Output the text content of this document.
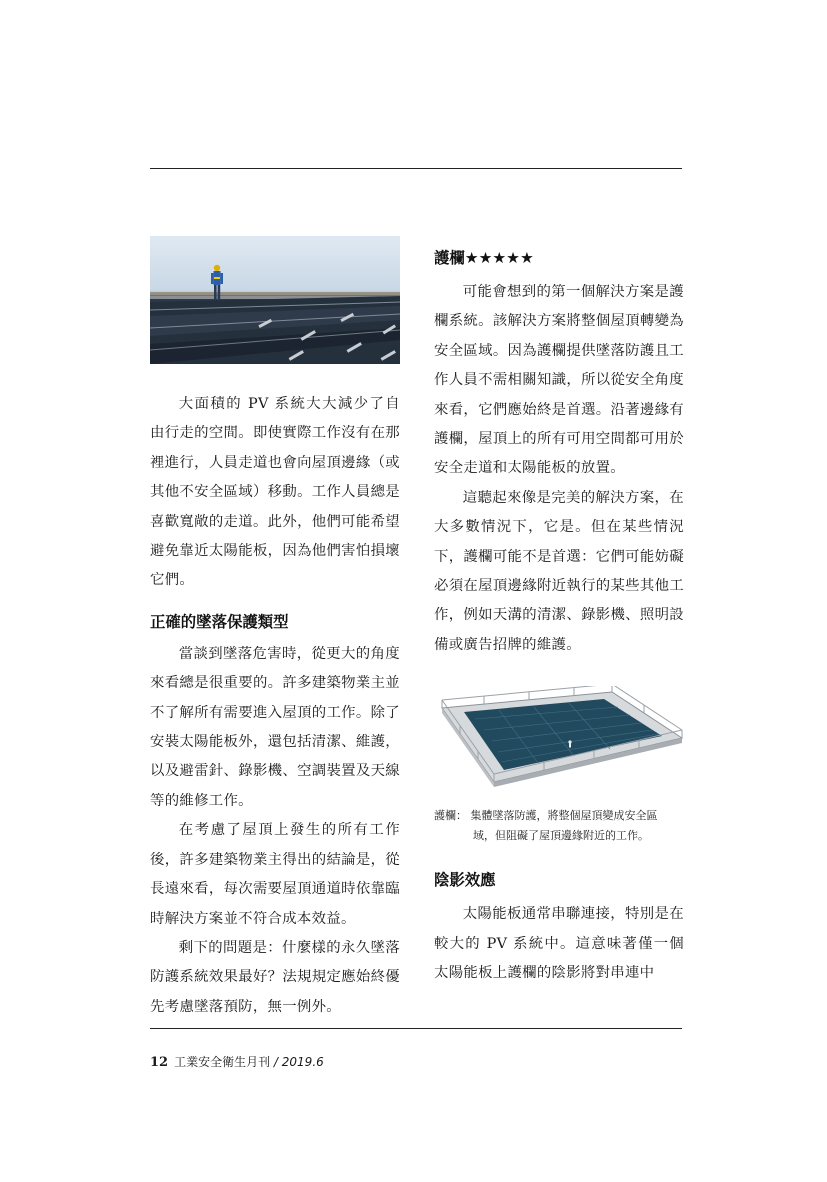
大面積的 PV 系統大大減少了自由行走的空間。即使實際工作沒有在那裡進行，人員走道也會向屋頂邊緣（或其他不安全區域）移動。工作人員總是喜歡寬敞的走道。此外，他們可能希望避免靠近太陽能板，因為他們害怕損壞它們。

正確的墜落保護類型

當談到墜落危害時，從更大的角度來看總是很重要的。許多建築物業主並不了解所有需要進入屋頂的工作。除了安裝太陽能板外，還包括清潔、維護，以及避雷針、錄影機、空調裝置及天線等的維修工作。

在考慮了屋頂上發生的所有工作後，許多建築物業主得出的結論是，從長遠來看，每次需要屋頂通道時依靠臨時解決方案並不符合成本效益。

剩下的問題是：什麼樣的永久墜落防護系統效果最好？法規規定應始終優先考慮墜落預防，無一例外。

護欄★★★★★

可能會想到的第一個解決方案是護欄系統。該解決方案將整個屋頂轉變為安全區域。因為護欄提供墜落防護且工作人員不需相關知識，所以從安全角度來看，它們應始終是首選。沿著邊緣有護欄，屋頂上的所有可用空間都可用於安全走道和太陽能板的放置。

這聽起來像是完美的解決方案，在大多數情況下，它是。但在某些情況下，護欄可能不是首選：它們可能妨礙必須在屋頂邊緣附近執行的某些其他工作，例如天溝的清潔、錄影機、照明設備或廣告招牌的維護。

護欄： 集體墜落防護，將整個屋頂變成安全區
域，但阻礙了屋頂邊緣附近的工作。

陰影效應

太陽能板通常串聯連接，特別是在較大的 PV 系統中。這意味著僅一個太陽能板上護欄的陰影將對串連中

12 工業安全衛生月刊 / 2019.6
